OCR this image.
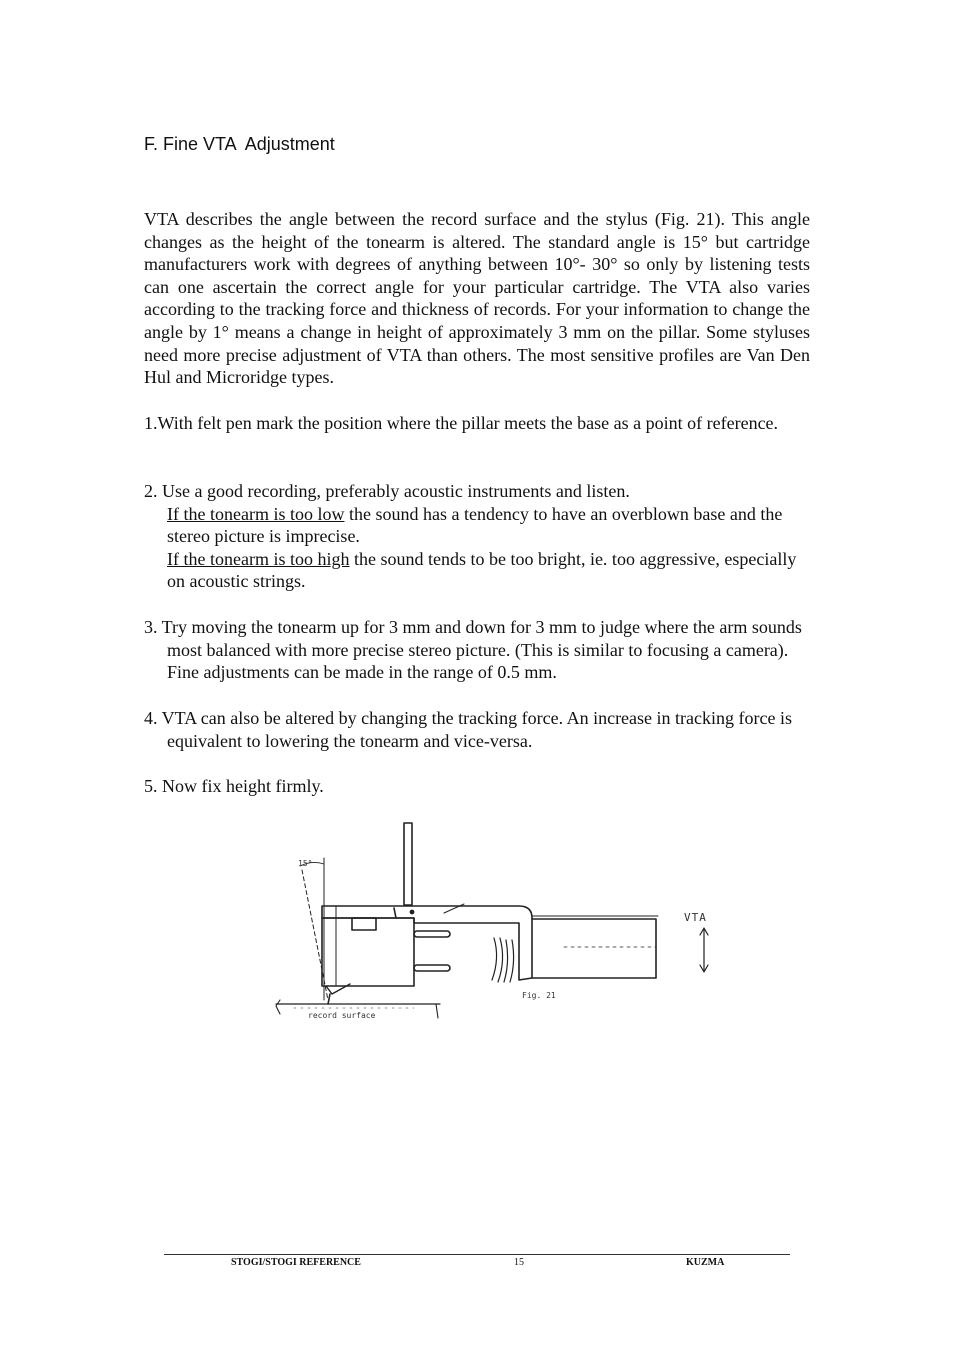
F. Fine VTA  Adjustment

VTA describes the angle between the record surface and the stylus (Fig. 21). This angle changes as the height of the tonearm is altered. The standard angle is 15° but cartridge manufacturers work with degrees of anything between 10°- 30° so only by listening tests can one ascertain the correct angle for your particular cartridge. The VTA also varies according to the tracking force and thickness of records. For your information to change the angle by 1° means a change in height of approximately 3 mm on the pillar. Some styluses need more precise adjustment of VTA than others. The most sensitive profiles are Van Den Hul and Microridge types.

1.With felt pen mark the position where the pillar meets the base as a point of reference.

2. Use a good recording, preferably acoustic instruments and listen.

If the tonearm is too low the sound has a tendency to have an overblown base and the stereo picture is imprecise.

If the tonearm is too high the sound tends to be too bright, ie. too aggressive, especially on acoustic strings.

3. Try moving the tonearm up for 3 mm and down for 3 mm to judge where the arm sounds most balanced with more precise stereo picture. (This is similar to focusing a camera). Fine adjustments can be made in the range of 0.5 mm.

4. VTA can also be altered by changing the tracking force. An increase in tracking force is equivalent to lowering the tonearm and vice-versa.

5. Now fix height firmly.

15°
VTA
Fig. 21
record surface
STOGI/STOGI REFERENCE	15	KUZMA
